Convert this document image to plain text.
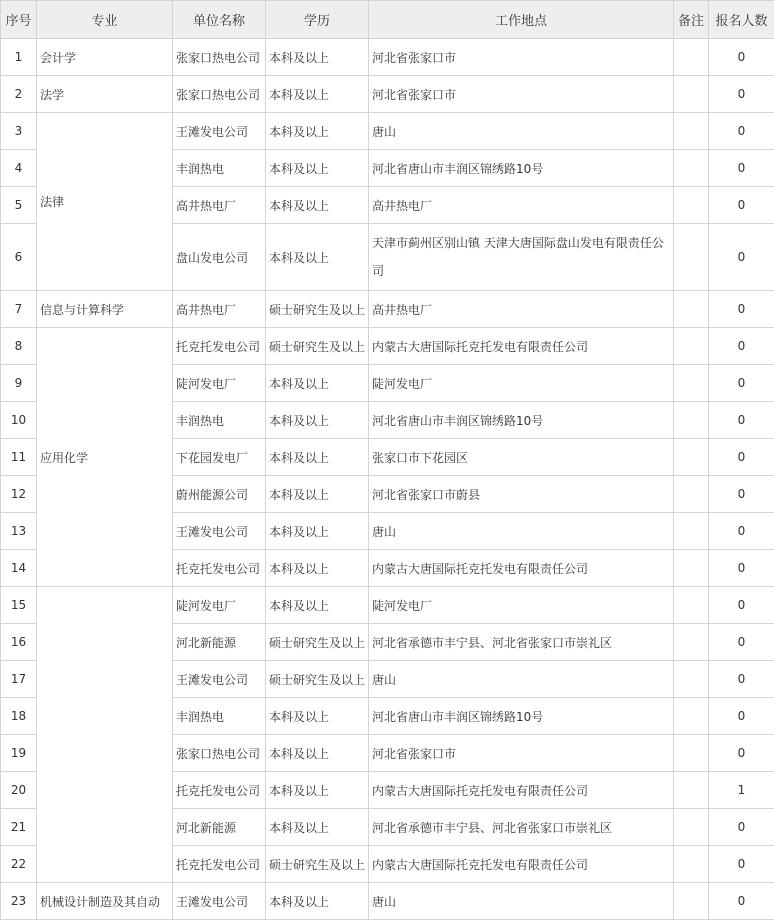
序号	专业	单位名称	学历	工作地点	备注	报名人数
1	会计学	张家口热电公司	本科及以上	河北省张家口市		0
2	法学	张家口热电公司	本科及以上	河北省张家口市		0
3	法律	王滩发电公司	本科及以上	唐山		0
4		丰润热电	本科及以上	河北省唐山市丰润区锦绣路10号		0
5		高井热电厂	本科及以上	高井热电厂		0
6		盘山发电公司	本科及以上	天津市蓟州区别山镇 天津大唐国际盘山发电有限责任公司		0
7	信息与计算科学	高井热电厂	硕士研究生及以上	高井热电厂		0
8	应用化学	托克托发电公司	硕士研究生及以上	内蒙古大唐国际托克托发电有限责任公司		0
9		陡河发电厂	本科及以上	陡河发电厂		0
10		丰润热电	本科及以上	河北省唐山市丰润区锦绣路10号		0
11		下花园发电厂	本科及以上	张家口市下花园区		0
12		蔚州能源公司	本科及以上	河北省张家口市蔚县		0
13		王滩发电公司	本科及以上	唐山		0
14		托克托发电公司	本科及以上	内蒙古大唐国际托克托发电有限责任公司		0
15		陡河发电厂	本科及以上	陡河发电厂		0
16		河北新能源	硕士研究生及以上	河北省承德市丰宁县、河北省张家口市崇礼区		0
17		王滩发电公司	硕士研究生及以上	唐山		0
18		丰润热电	本科及以上	河北省唐山市丰润区锦绣路10号		0
19		张家口热电公司	本科及以上	河北省张家口市		0
20		托克托发电公司	本科及以上	内蒙古大唐国际托克托发电有限责任公司		1
21		河北新能源	本科及以上	河北省承德市丰宁县、河北省张家口市崇礼区		0
22		托克托发电公司	硕士研究生及以上	内蒙古大唐国际托克托发电有限责任公司		0
23	机械设计制造及其自动	王滩发电公司	本科及以上	唐山		0
